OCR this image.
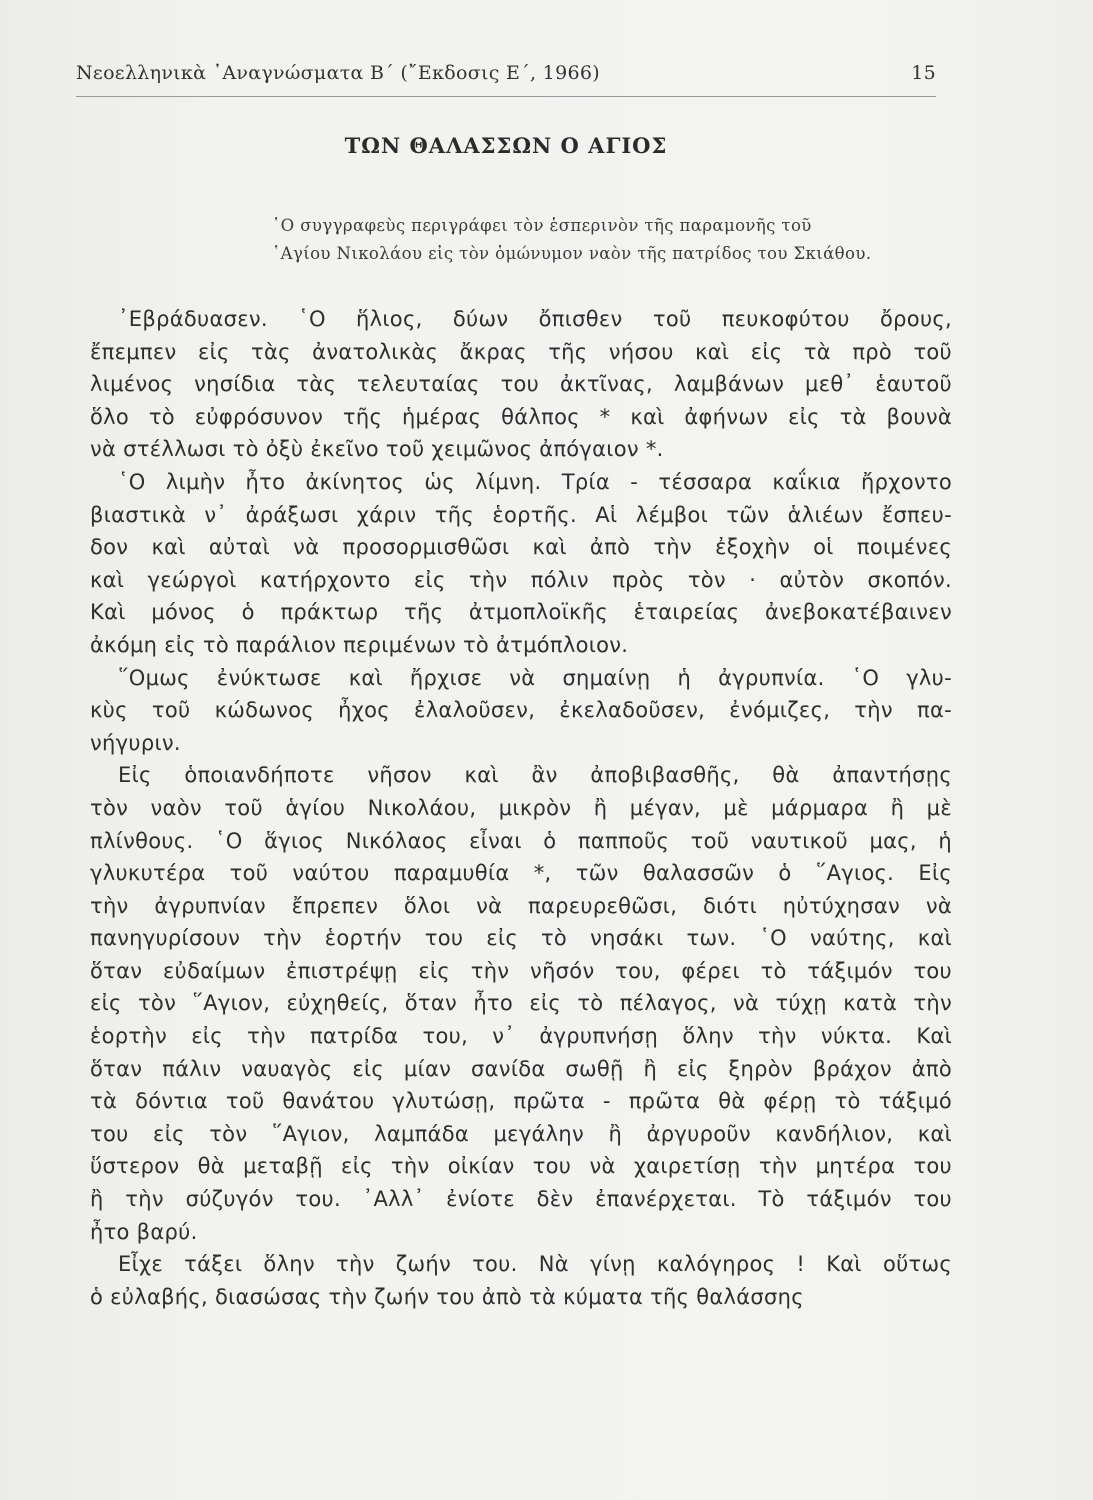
Νεοελληνικὰ ᾿Αναγνώσματα Β΄ (῎Εκδοσις Ε΄, 1966)	15
ΤΩΝ ΘΑΛΑΣΣΩΝ Ο ΑΓΙΟΣ
῾Ο συγγραφεὺς περιγράφει τὸν ἑσπερινὸν τῆς παραμονῆς τοῦ
῾Αγίου Νικολάου εἰς τὸν ὁμώνυμον ναὸν τῆς πατρίδος του Σκιάθου.
᾿Εβράδυασεν. ῾Ο ἥλιος, δύων ὄπισθεν τοῦ πευκοφύτου ὄρους,
ἔπεμπεν εἰς τὰς ἀνατολικὰς ἄκρας τῆς νήσου καὶ εἰς τὰ πρὸ τοῦ
λιμένος νησίδια τὰς τελευταίας του ἀκτῖνας, λαμβάνων μεθ᾿ ἑαυτοῦ
ὅλο τὸ εὐφρόσυνον τῆς ἡμέρας θάλπος * καὶ ἀφήνων εἰς τὰ βουνὰ
νὰ στέλλωσι τὸ ὀξὺ ἐκεῖνο τοῦ χειμῶνος ἀπόγαιον *.
῾Ο λιμὴν ἦτο ἀκίνητος ὡς λίμνη. Τρία - τέσσαρα καΐκια ἤρχοντο
βιαστικὰ ν᾿ ἀράξωσι χάριν τῆς ἑορτῆς. Αἱ λέμβοι τῶν ἁλιέων ἔσπευ-
δον καὶ αὐταὶ νὰ προσορμισθῶσι καὶ ἀπὸ τὴν ἐξοχὴν οἱ ποιμένες
καὶ γεώργοὶ κατήρχοντο εἰς τὴν πόλιν πρὸς τὸν · αὐτὸν σκοπόν.
Καὶ μόνος ὁ πράκτωρ τῆς ἀτμοπλοϊκῆς ἑταιρείας ἀνεβοκατέβαινεν
ἀκόμη εἰς τὸ παράλιον περιμένων τὸ ἀτμόπλοιον.
῞Ομως ἐνύκτωσε καὶ ἤρχισε νὰ σημαίνῃ ἡ ἀγρυπνία. ῾Ο γλυ-
κὺς τοῦ κώδωνος ἦχος ἐλαλοῦσεν, ἐκελαδοῦσεν, ἐνόμιζες, τὴν πα-
νήγυριν.
Εἰς ὁποιανδήποτε νῆσον καὶ ἂν ἀποβιβασθῆς, θὰ ἀπαντήσῃς
τὸν ναὸν τοῦ ἁγίου Νικολάου, μικρὸν ἢ μέγαν, μὲ μάρμαρα ἢ μὲ
πλίνθους. ῾Ο ἅγιος Νικόλαος εἶναι ὁ παπποῦς τοῦ ναυτικοῦ μας, ἡ
γλυκυτέρα τοῦ ναύτου παραμυθία *, τῶν θαλασσῶν ὁ ῞Αγιος. Εἰς
τὴν ἀγρυπνίαν ἔπρεπεν ὅλοι νὰ παρευρεθῶσι, διότι ηὐτύχησαν νὰ
πανηγυρίσουν τὴν ἑορτήν του εἰς τὸ νησάκι των. ῾Ο ναύτης, καὶ
ὅταν εὐδαίμων ἐπιστρέψῃ εἰς τὴν νῆσόν του, φέρει τὸ τάξιμόν του
εἰς τὸν ῞Αγιον, εὐχηθείς, ὅταν ἦτο εἰς τὸ πέλαγος, νὰ τύχῃ κατὰ τὴν
ἑορτὴν εἰς τὴν πατρίδα του, ν᾿ ἀγρυπνήσῃ ὅλην τὴν νύκτα. Καὶ
ὅταν πάλιν ναυαγὸς εἰς μίαν σανίδα σωθῇ ἢ εἰς ξηρὸν βράχον ἀπὸ
τὰ δόντια τοῦ θανάτου γλυτώσῃ, πρῶτα - πρῶτα θὰ φέρῃ τὸ τάξιμό
του εἰς τὸν ῞Αγιον, λαμπάδα μεγάλην ἢ ἀργυροῦν κανδήλιον, καὶ
ὕστερον θὰ μεταβῇ εἰς τὴν οἰκίαν του νὰ χαιρετίσῃ τὴν μητέρα του
ἢ τὴν σύζυγόν του. ᾿Αλλ᾿ ἐνίοτε δὲν ἐπανέρχεται. Τὸ τάξιμόν του
ἦτο βαρύ.
Εἶχε τάξει ὅλην τὴν ζωήν του. Νὰ γίνῃ καλόγηρος ! Καὶ οὕτως
ὁ εὐλαβής, διασώσας τὴν ζωήν του ἀπὸ τὰ κύματα τῆς θαλάσσης
